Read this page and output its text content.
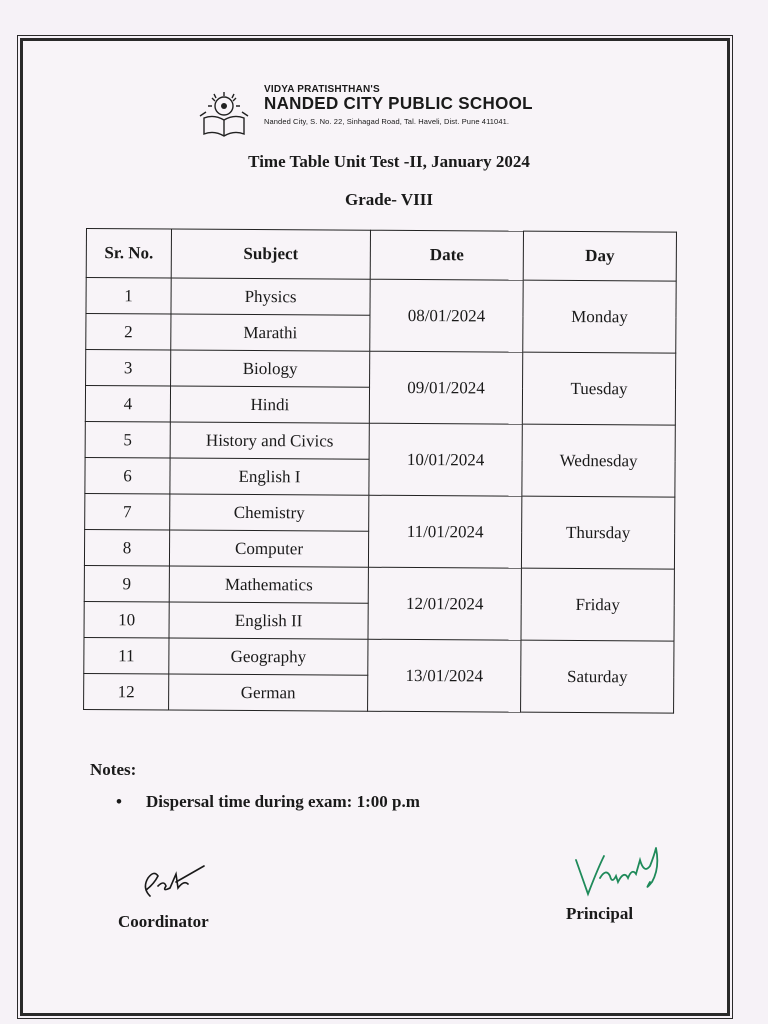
VIDYA PRATISHTHAN'S
NANDED CITY PUBLIC SCHOOL
Nanded City, S. No. 22, Sinhagad Road, Tal. Haveli, Dist. Pune 411041.
Time Table Unit Test -II, January 2024
Grade- VIII
Sr. No.	Subject	Date	Day
1	Physics	08/01/2024	Monday
2	Marathi		
3	Biology	09/01/2024	Tuesday
4	Hindi		
5	History and Civics	10/01/2024	Wednesday
6	English I		
7	Chemistry	11/01/2024	Thursday
8	Computer		
9	Mathematics	12/01/2024	Friday
10	English II		
11	Geography	13/01/2024	Saturday
12	German		
Notes:
• Dispersal time during exam: 1:00 p.m
Coordinator	Principal
